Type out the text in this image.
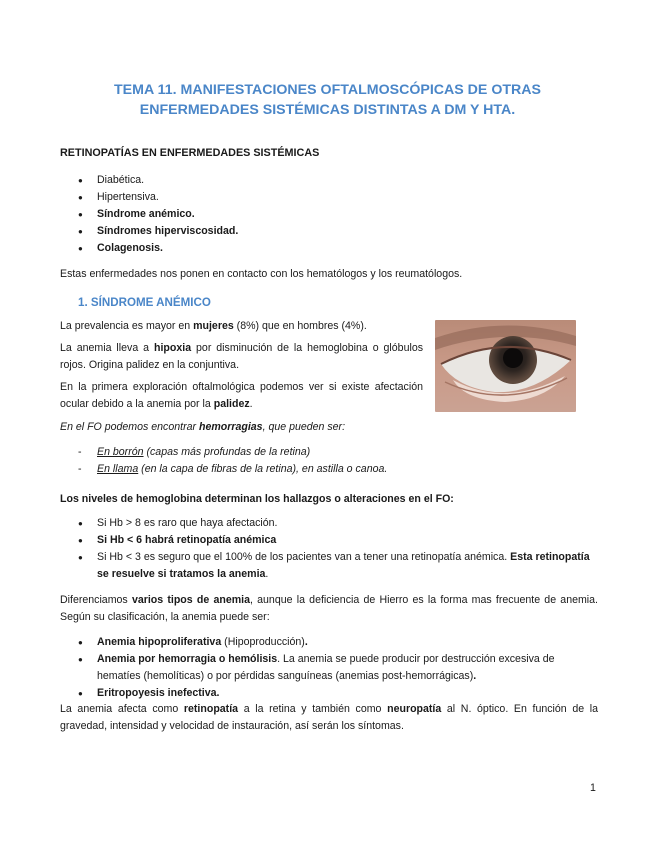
TEMA 11. MANIFESTACIONES OFTALMOSCÓPICAS DE OTRAS
ENFERMEDADES SISTÉMICAS DISTINTAS A DM Y HTA.
RETINOPATÍAS EN ENFERMEDADES SISTÉMICAS
● Diabética.
● Hipertensiva.
● Síndrome anémico.
● Síndromes hiperviscosidad.
● Colagenosis.
Estas enfermedades nos ponen en contacto con los hematólogos y los reumatólogos.
1. SÍNDROME ANÉMICO
La prevalencia es mayor en mujeres (8%) que en hombres (4%).
La anemia lleva a hipoxia por disminución de la hemoglobina o glóbulos rojos. Origina palidez en la conjuntiva.
En la primera exploración oftalmológica podemos ver si existe afectación ocular debido a la anemia por la palidez.
En el FO podemos encontrar hemorragias, que pueden ser:
- En borrón (capas más profundas de la retina)
- En llama (en la capa de fibras de la retina), en astilla o canoa.
Los niveles de hemoglobina determinan los hallazgos o alteraciones en el FO:
● Si Hb > 8 es raro que haya afectación.
● Si Hb < 6 habrá retinopatía anémica
● Si Hb < 3 es seguro que el 100% de los pacientes van a tener una retinopatía anémica. Esta retinopatía se resuelve si tratamos la anemia.
Diferenciamos varios tipos de anemia, aunque la deficiencia de Hierro es la forma mas frecuente de anemia. Según su clasificación, la anemia puede ser:
● Anemia hipoproliferativa (Hipoproducción).
● Anemia por hemorragia o hemólisis. La anemia se puede producir por destrucción excesiva de hematíes (hemolíticas) o por pérdidas sanguíneas (anemias post-hemorrágicas).
● Eritropoyesis inefectiva.
La anemia afecta como retinopatía a la retina y también como neuropatía al N. óptico. En función de la gravedad, intensidad y velocidad de instauración, así serán los síntomas.
1
